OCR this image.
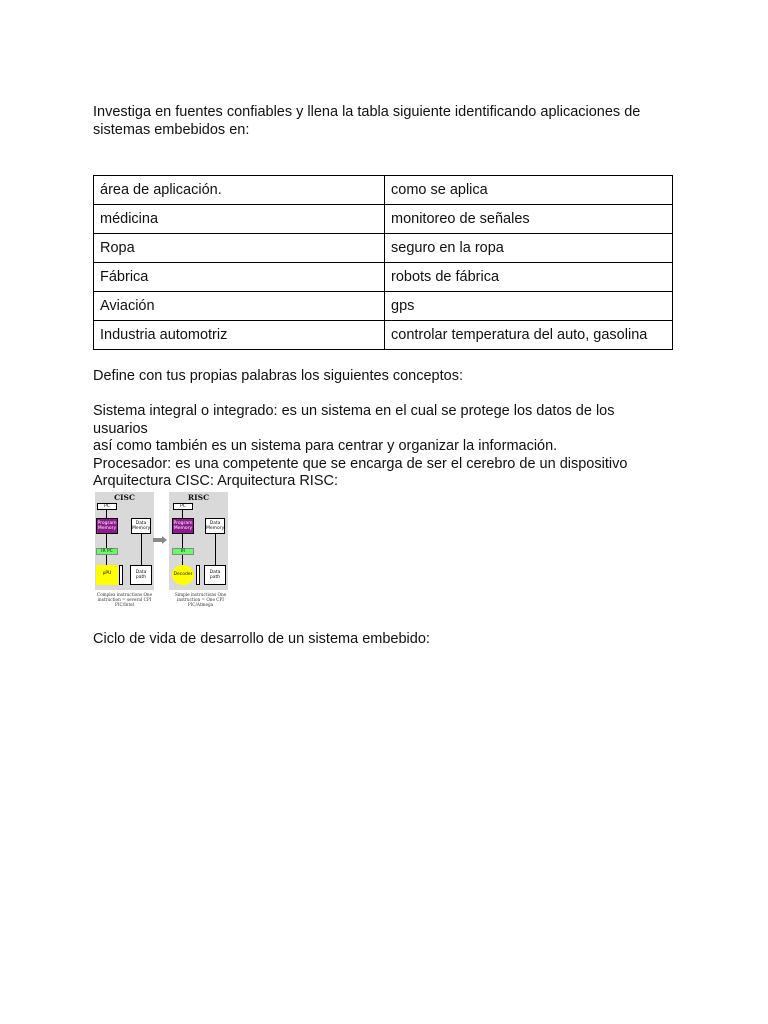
Investiga en fuentes confiables y llena la tabla siguiente identificando aplicaciones de sistemas embebidos en:

área de aplicación.	como se aplica
médicina	monitoreo de señales
Ropa	seguro en la ropa
Fábrica	robots de fábrica
Aviación	gps
Industria automotriz	controlar temperatura del auto, gasolina

Define con tus propias palabras los siguientes conceptos:

Sistema integral o integrado: es un sistema en el cual se protege los datos de los usuarios
así como también es un sistema para centrar y organizar la información.
Procesador: es una competente que se encarga de ser el cerebro de un dispositivo
Arquitectura CISC: Arquitectura RISC:
CISC
PC
Program Memory
IR PC
µPU
Data Memory
Data path
RISC
PC
Program Memory
IR
Decoder
Data Memory
Data path
Complex instructions One instruction = several CPI PIC/Intel
Simple instructions One instruction = One CPI PIC/Atmega

Ciclo de vida de desarrollo de un sistema embebido:
